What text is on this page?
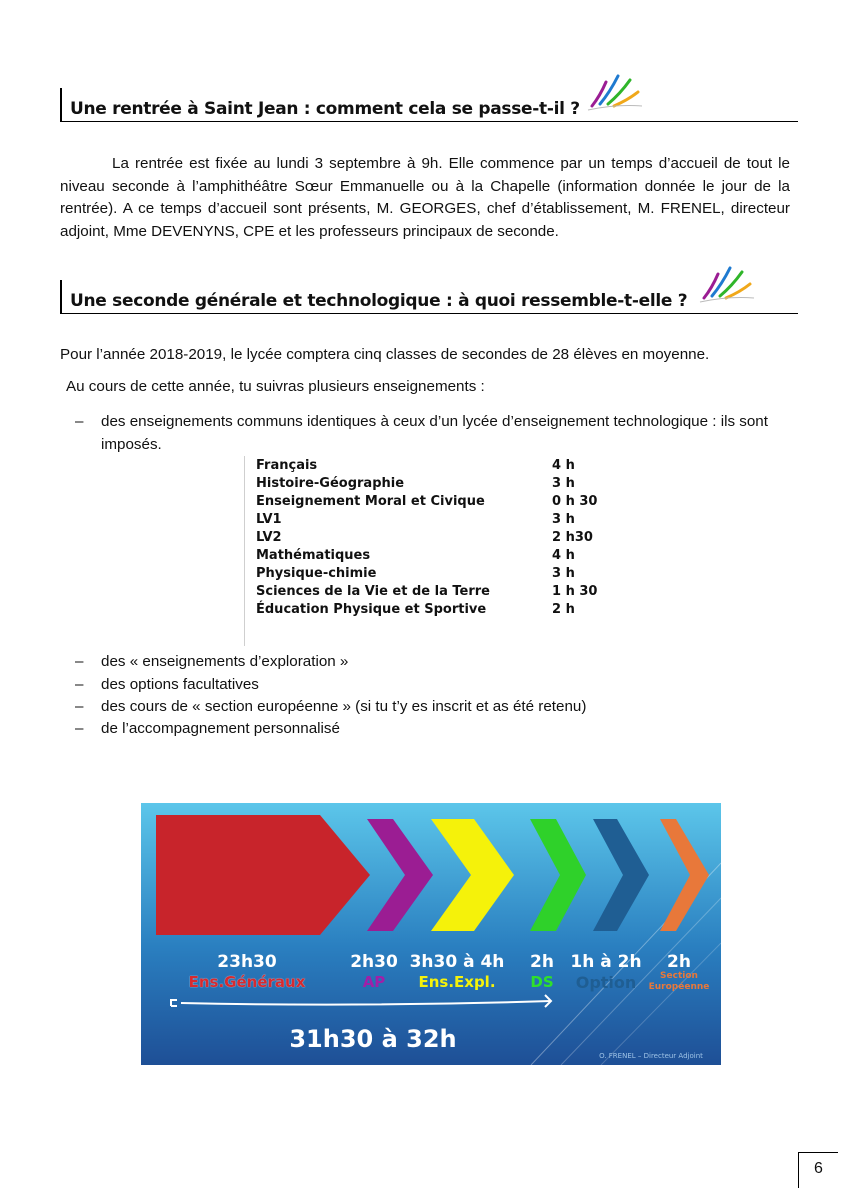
Une rentrée à Saint Jean : comment cela se passe-t-il ?

La rentrée est fixée au lundi 3 septembre à 9h. Elle commence par un temps d’accueil de tout le niveau seconde à l’amphithéâtre Sœur Emmanuelle ou à la Chapelle (information donnée le jour de la rentrée). A ce temps d’accueil sont présents, M. GEORGES, chef d’établissement, M. FRENEL, directeur adjoint, Mme DEVENYNS, CPE et les professeurs principaux de seconde.

Une seconde générale et technologique : à quoi ressemble-t-elle ?

Pour l’année 2018-2019, le lycée comptera cinq classes de secondes de 28 élèves en moyenne.

Au cours de cette année, tu suivras plusieurs enseignements :

– des enseignements communs identiques à ceux d’un lycée d’enseignement technologique : ils sont imposés.
Français	4 h
Histoire-Géographie	3 h
Enseignement Moral et Civique	0 h 30
LV1	3 h
LV2	2 h30
Mathématiques	4 h
Physique-chimie	3 h
Sciences de la Vie et de la Terre	1 h 30
Éducation Physique et Sportive	2 h
– des « enseignements d’exploration »
– des options facultatives
– des cours de « section européenne » (si tu t’y es inscrit et as été retenu)
– de l’accompagnement personnalisé
23h30
Ens.Généraux
2h30
AP
3h30 à 4h
Ens.Expl.
2h
DS
1h à 2h
Option
2h
Section Européenne
31h30 à 32h
O. FRENEL – Directeur Adjoint
6
